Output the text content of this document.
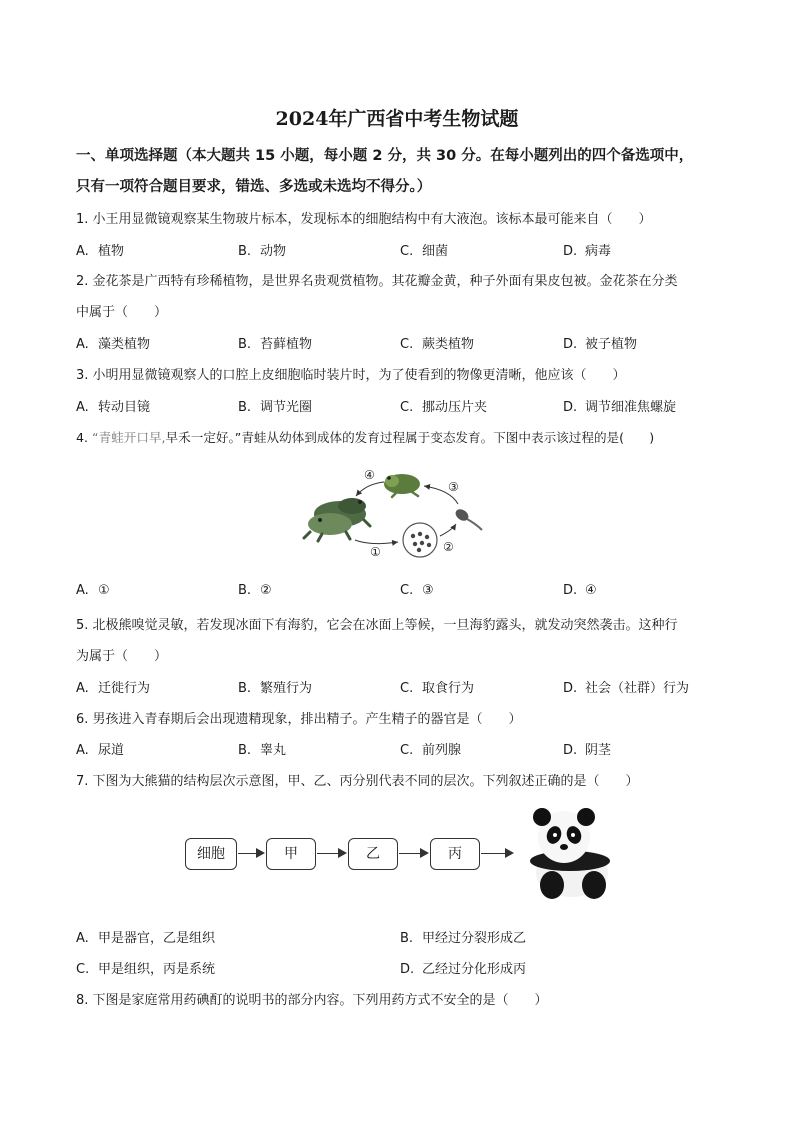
2024年广西省中考生物试题
一、单项选择题（本大题共 15 小题，每小题 2 分，共 30 分。在每小题列出的四个备选项中，
只有一项符合题目要求，错选、多选或未选均不得分。）
1. 小王用显微镜观察某生物玻片标本，发现标本的细胞结构中有大液泡。该标本最可能来自（　　）
A. 植物	B. 动物	C. 细菌	D. 病毒
2. 金花茶是广西特有珍稀植物，是世界名贵观赏植物。其花瓣金黄，种子外面有果皮包被。金花茶在分类
中属于（　　）
A. 藻类植物	B. 苔藓植物	C. 蕨类植物	D. 被子植物
3. 小明用显微镜观察人的口腔上皮细胞临时装片时，为了使看到的物像更清晰，他应该（　　）
A. 转动目镜	B. 调节光圈	C. 挪动压片夹	D. 调节细准焦螺旋
4. “青蛙开口早,早禾一定好。”青蛙从幼体到成体的发育过程属于变态发育。下图中表示该过程的是(　　)
①	②
③
④
A. ①	B. ②	C. ③	D. ④
5. 北极熊嗅觉灵敏，若发现冰面下有海豹，它会在冰面上等候，一旦海豹露头，就发动突然袭击。这种行
为属于（　　）
A. 迁徙行为	B. 繁殖行为	C. 取食行为	D. 社会（社群）行为
6. 男孩进入青春期后会出现遗精现象，排出精子。产生精子的器官是（　　）
A. 尿道	B. 睾丸	C. 前列腺	D. 阴茎
7. 下图为大熊猫的结构层次示意图，甲、乙、丙分别代表不同的层次。下列叙述正确的是（　　）
细胞	甲	乙	丙
A. 甲是器官，乙是组织	B. 甲经过分裂形成乙
C. 甲是组织，丙是系统	D. 乙经过分化形成丙
8. 下图是家庭常用药碘酊的说明书的部分内容。下列用药方式不安全的是（　　）
